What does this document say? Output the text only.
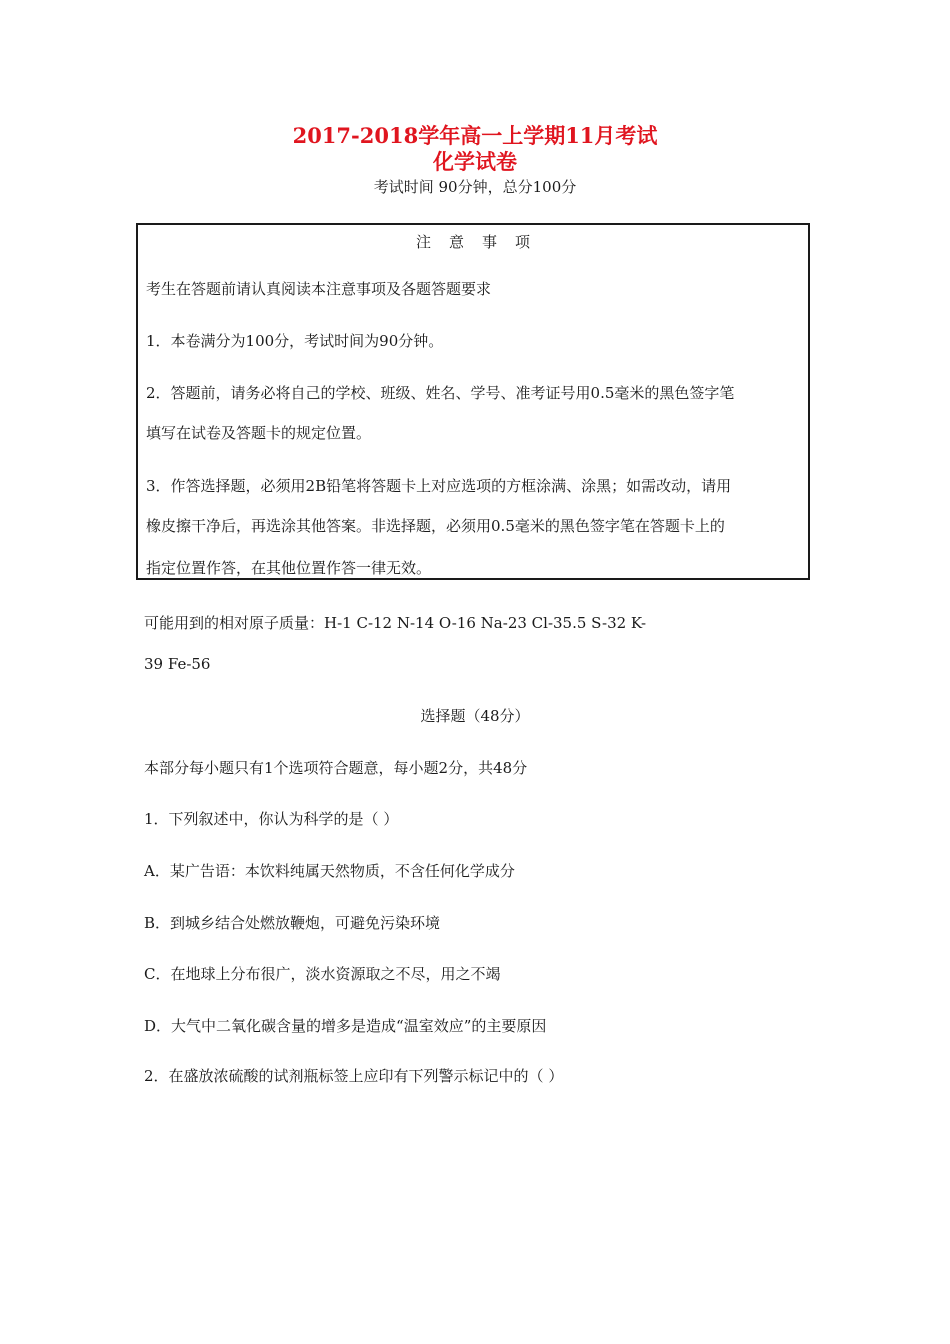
2017-2018学年高一上学期11月考试
化学试卷
考试时间 90分钟，总分100分
注意事项
考生在答题前请认真阅读本注意事项及各题答题要求
1．本卷满分为100分，考试时间为90分钟。
2．答题前，请务必将自己的学校、班级、姓名、学号、准考证号用0.5毫米的黑色签字笔
填写在试卷及答题卡的规定位置。
3．作答选择题，必须用2B铅笔将答题卡上对应选项的方框涂满、涂黑；如需改动，请用
橡皮擦干净后，再选涂其他答案。非选择题，必须用0.5毫米的黑色签字笔在答题卡上的
指定位置作答，在其他位置作答一律无效。
可能用到的相对原子质量：H-1 C-12 N-14 O-16 Na-23 Cl-35.5 S-32 K-
39 Fe-56
选择题（48分）
本部分每小题只有1个选项符合题意，每小题2分，共48分
1．下列叙述中，你认为科学的是（ ）
A．某广告语：本饮料纯属天然物质，不含任何化学成分
B．到城乡结合处燃放鞭炮，可避免污染环境
C．在地球上分布很广，淡水资源取之不尽，用之不竭
D．大气中二氧化碳含量的增多是造成“温室效应”的主要原因
2．在盛放浓硫酸的试剂瓶标签上应印有下列警示标记中的（ ）
